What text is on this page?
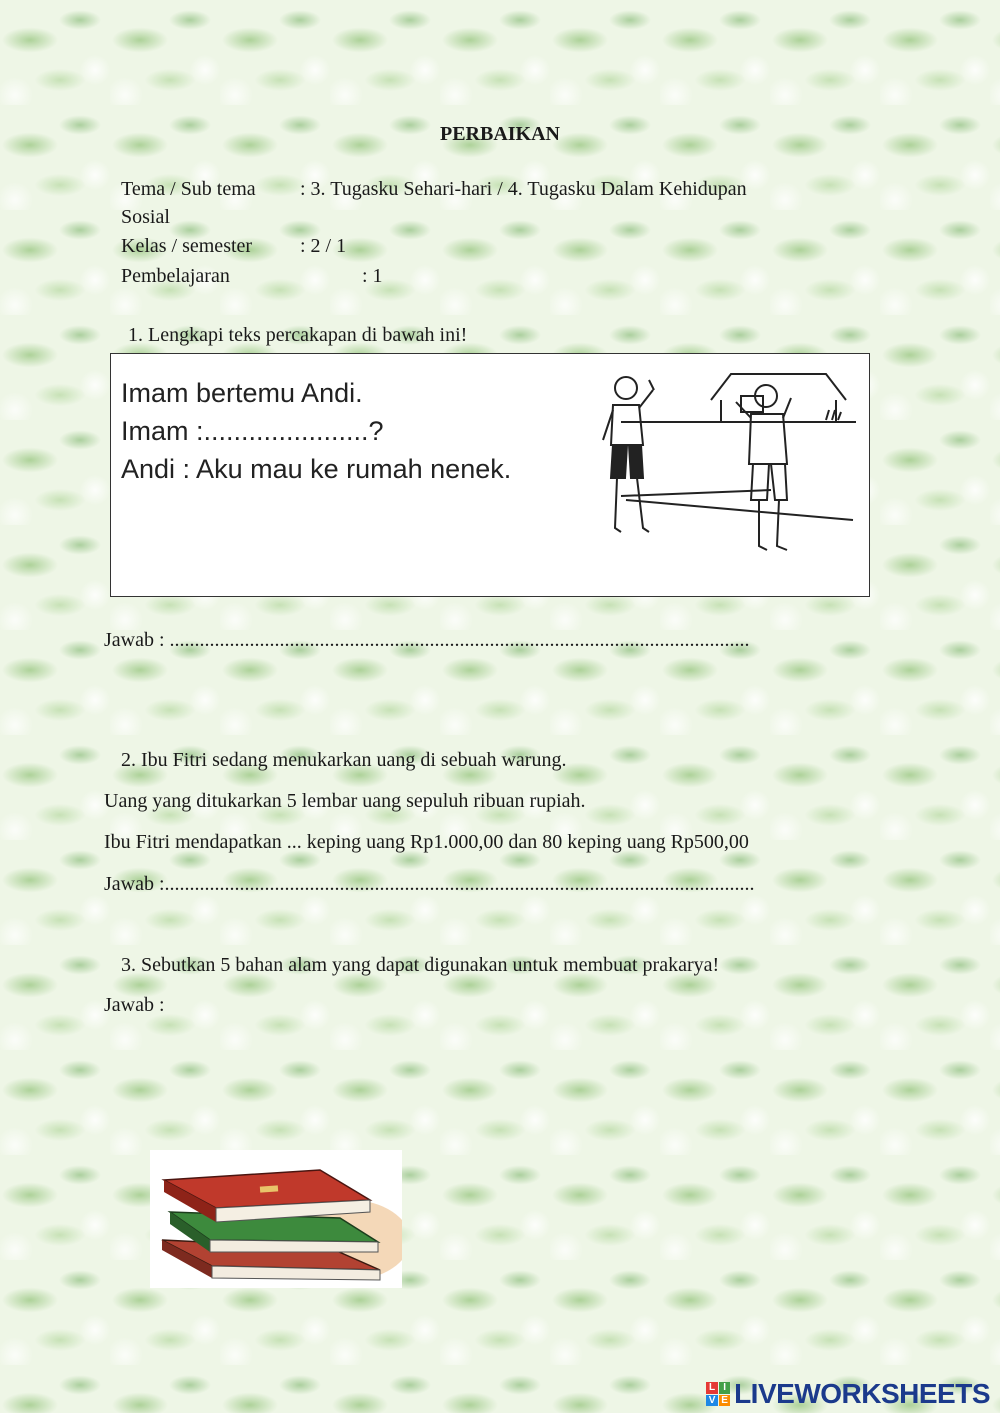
PERBAIKAN
Tema / Sub tema : 3. Tugasku Sehari-hari / 4. Tugasku Dalam Kehidupan
Sosial
Kelas / semester : 2 / 1
Pembelajaran	: 1
1. Lengkapi teks percakapan di bawah ini!
Imam bertemu Andi.
Imam :......................?
Andi : Aku mau ke rumah nenek.
Jawab : ....................................................................................................................
2. Ibu Fitri sedang menukarkan uang di sebuah warung.
Uang yang ditukarkan 5 lembar uang sepuluh ribuan rupiah.
Ibu Fitri mendapatkan ... keping uang Rp1.000,00 dan 80 keping uang Rp500,00
Jawab :......................................................................................................................
3. Sebutkan 5 bahan alam yang dapat digunakan untuk membuat prakarya!
Jawab :
L I
V E LIVEWORKSHEETS
